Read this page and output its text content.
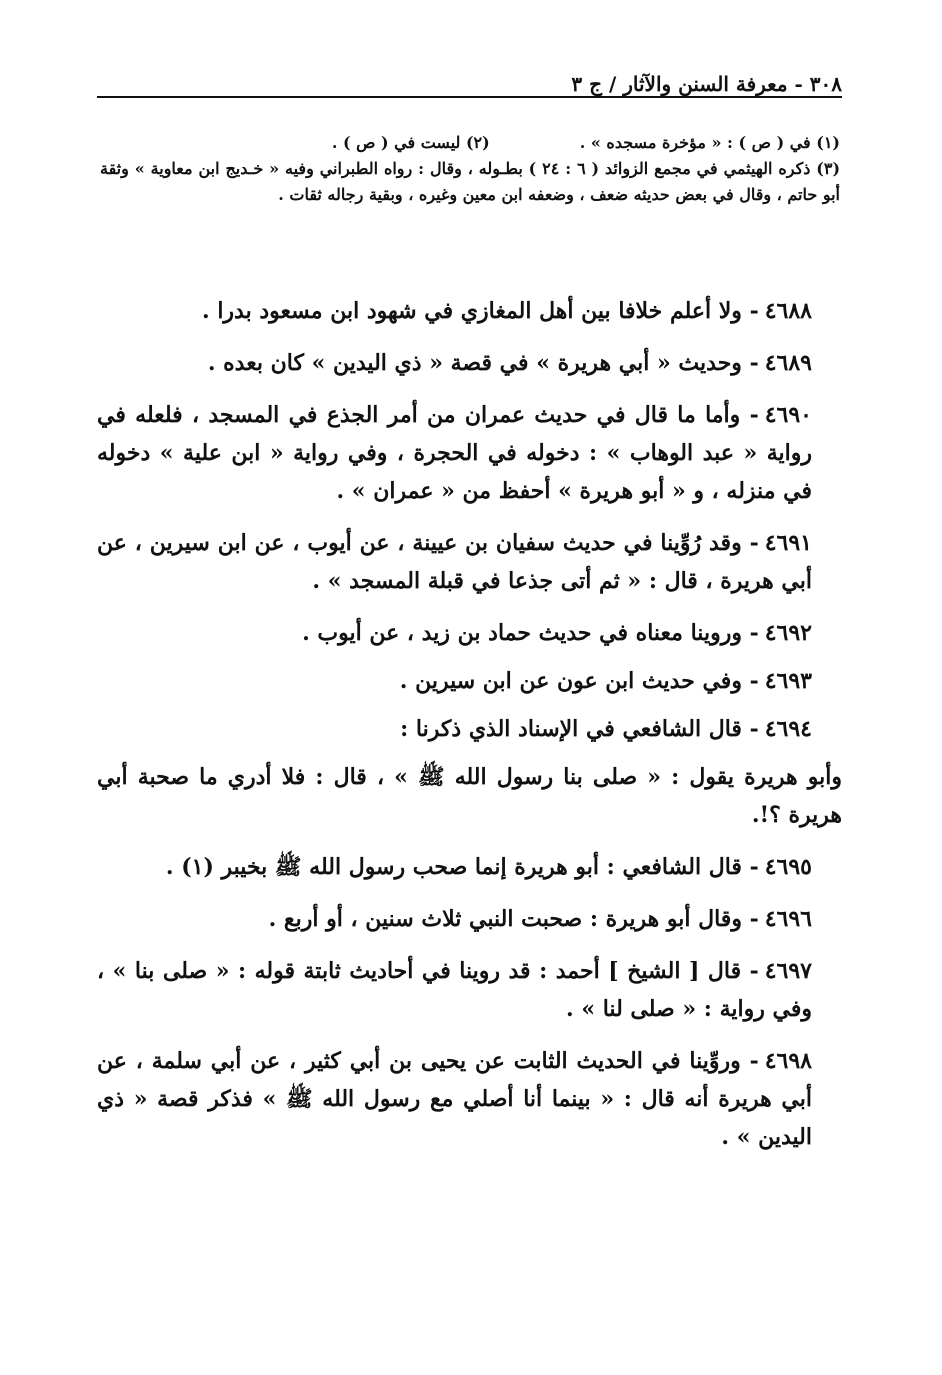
٣٠٨ - معرفة السنن والآثار / ج ٣
(١) في ( ص ) : « مؤخرة مسجده » .
(٢) ليست في ( ص ) .
(٣) ذكره الهيثمي في مجمع الزوائد ( ٦ : ٢٤ ) بطـوله ، وقال : رواه الطبراني وفيه « خـديج ابن معاوية » وثقة أبو حاتم ، وقال في بعض حديثه ضعف ، وضعفه ابن معين وغيره ، وبقية رجاله ثقات .

٤٦٨٨- ولا أعلم خلافا بين أهل المغازي في شهود ابن مسعود بدرا .

٤٦٨٩- وحديث « أبي هريرة » في قصة « ذي اليدين » كان بعده .

٤٦٩٠- وأما ما قال في حديث عمران من أمر الجذع في المسجد ، فلعله في رواية « عبد الوهاب » : دخوله في الحجرة ، وفي رواية « ابن علية » دخوله في منزله ، و « أبو هريرة » أحفظ من « عمران » .

٤٦٩١- وقد رُوِّينا في حديث سفيان بن عيينة ، عن أيوب ، عن ابن سيرين ، عن أبي هريرة ، قال : « ثم أتى جذعا في قبلة المسجد » .

٤٦٩٢- وروينا معناه في حديث حماد بن زيد ، عن أيوب .

٤٦٩٣- وفي حديث ابن عون عن ابن سيرين .

٤٦٩٤- قال الشافعي في الإسناد الذي ذكرنا :

وأبو هريرة يقول : « صلى بنا رسول الله ﷺ » ، قال : فلا أدري ما صحبة أبي هريرة ؟!.

٤٦٩٥- قال الشافعي : أبو هريرة إنما صحب رسول الله ﷺ بخيبر (١) .

٤٦٩٦- وقال أبو هريرة : صحبت النبي ثلاث سنين ، أو أربع .

٤٦٩٧- قال [ الشيخ ] أحمد : قد روينا في أحاديث ثابتة قوله : « صلى بنا » ، وفي رواية : « صلى لنا » .

٤٦٩٨- وروِّينا في الحديث الثابت عن يحيى بن أبي كثير ، عن أبي سلمة ، عن أبي هريرة أنه قال : « بينما أنا أصلي مع رسول الله ﷺ » فذكر قصة « ذي اليدين » .
